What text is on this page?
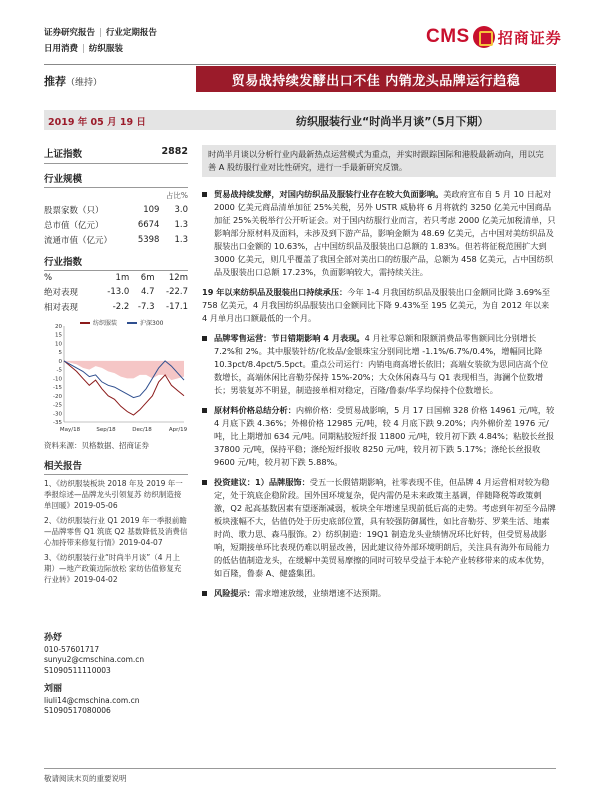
证券研究报告 | 行业定期报告
日用消费 | 纺织服装
CMS 招商证券
推荐（维持）	贸易战持续发酵出口不佳 内销龙头品牌运行趋稳
2019 年 05 月 19 日	纺织服装行业“时尚半月谈”（5月下期）
上证指数	2882
行业规模
		占比%
股票家数（只）	109	3.0
总市值（亿元）	6674	1.3
流通市值（亿元）	5398	1.3
行业指数
%	1m	6m	12m
绝对表现	-13.0	4.7	-22.7
相对表现	-2.2	-7.3	-17.1
20
15
10
5
0
-5
-10
-15
-20
-25
-30
-35
May/18	Sep/18	Dec/18	Apr/19
纺织服装	沪深300
资料来源：贝格数据、招商证券
相关报告
1、《纺织服装板块 2018 年及 2019 年一季报综述—品牌龙头引领复苏 纺织制造接单回暖》2019-05-06
2、《纺织服装行业 Q1 2019 年一季报前瞻—品牌零售 Q1 筑底 Q2 基数降低及消费信心加持带来修复行情》2019-04-07
3、《纺织服装行业“时尚半月谈”（4 月上期）—地产政策边际放松 家纺估值修复充行业转》2019-04-02
孙妤
010-57601717
sunyu2@cmschina.com.cn
S1090511110003
刘丽
liuli14@cmschina.com.cn
S1090517080006
时尚半月谈以分析行业内最新热点运营模式为重点，并实时跟踪国际和港股最新动向，用以完善 A 股纺服行业对比性研究，进行一手最新研究反馈。
贸易战持续发酵，对国内纺织品及服装行业存在较大负面影响。美政府宣布自 5 月 10 日起对 2000 亿美元商品清单加征 25%关税，另外 USTR 威胁将 6 月将就约 3250 亿美元中国商品加征 25%关税举行公开听证会。对于国内纺服行业而言，若只考虑 2000 亿美元加税清单，只影响部分原材料及面料，未涉及到下游产品，影响金额为 48.69 亿美元，占中国对美纺织品及服装出口金额的 10.63%，占中国纺织品及服装出口总额的 1.83%。但若将征税范围扩大到 3000 亿美元，则几乎覆盖了我国全部对美出口的纺服产品，总额为 458 亿美元，占中国纺织品及服装出口总额 17.23%，负面影响较大，需持续关注。
19 年以来纺织品及服装出口持续承压：今年 1-4 月我国纺织品及服装出口金额同比降 3.69%至 758 亿美元，4 月我国纺织品服装出口金额同比下降 9.43%至 195 亿美元，为自 2012 年以来 4 月单月出口额最低的一个月。
品牌零售运营：节日错期影响 4 月表现。4 月社零总额和限额消费品零售额同比分别增长 7.2%和 2%。其中服装针纺/化妆品/金银珠宝分别同比增 -1.1%/6.7%/0.4%，增幅同比降 10.3pct/8.4pct/5.5pct。重点公司运行：内销电商高增长依旧；高端女装欲为思同店高个位数增长，高端休闲比音勒芬保持 15%-20%；大众休闲森马与 Q1 表现相当，海澜个位数增长；男装复苏不明显，制造接单相对稳定，百隆/鲁泰/华孚均保持个位数增长。
原材料价格总结分析：内棉价格：受贸易战影响，5 月 17 日国棉 328 价格 14961 元/吨，较 4 月底下跌 4.36%；外棉价格 12985 元/吨，较 4 月底下跌 9.20%；内外棉价差 1976 元/吨，比上期增加 634 元/吨。同期粘胶短纤报 11800 元/吨，较月初下跌 4.84%；粘胶长丝报 37800 元/吨，保持平稳；涤纶短纤报收 8250 元/吨，较月初下跌 5.17%；涤纶长丝报收 9600 元/吨，较月初下跌 5.88%。
投资建议：1）品牌服饰：受五一长假错期影响，社零表现不佳，但品牌 4 月运营相对较为稳定，处于筑底企稳阶段。国外国环境复杂，促内需仍是未来政策主基调，伴随降税等政策刺激，Q2 起高基数因素有望逐渐减弱，板块全年增速呈现前低后高的走势。考虑到年初至今品牌板块涨幅不大，估值仍处于历史底部位置，具有较强防御属性，如比音勒芬、罗莱生活、地素时尚、歌力思、森马服饰。2）纺织制造：19Q1 制造龙头业绩情况环比好转，但受贸易战影响，短期接单环比表现仍难以明显改善，因此建议待外部环境明朗后，关注具有海外布局能力的低估值制造龙头，在缓解中美贸易摩擦的同时可较早受益于本轮产业转移带来的成本优势，如百隆，鲁泰 A、健盛集团。
风险提示：需求增速放缓，业绩增速不达预期。
敬请阅读末页的重要说明
